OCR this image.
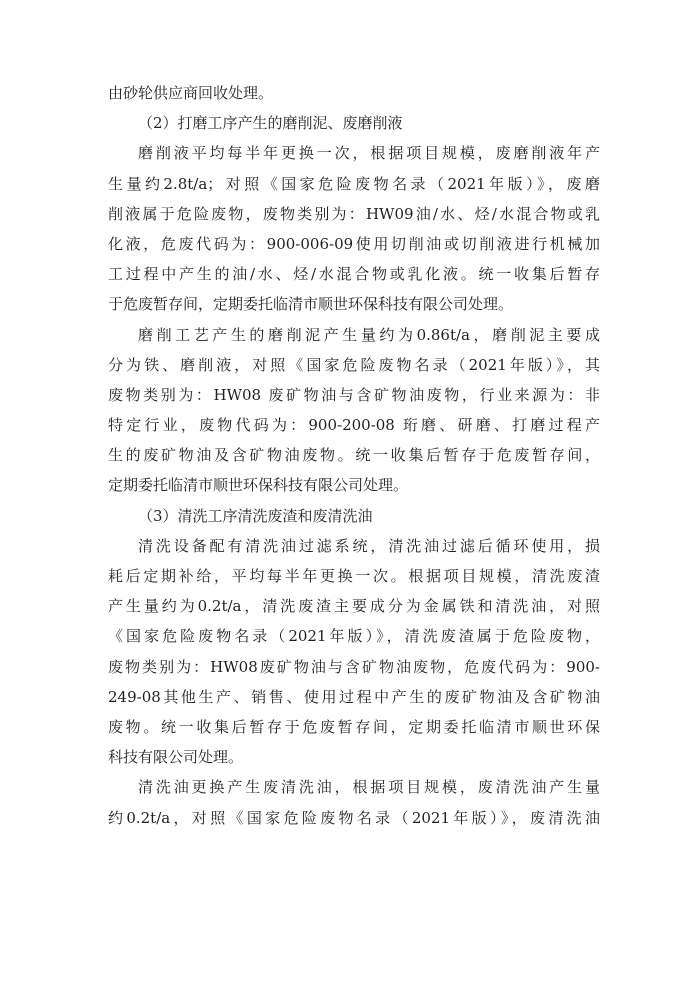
由砂轮供应商回收处理。
（2）打磨工序产生的磨削泥、废磨削液
磨削液平均每半年更换一次，根据项目规模，废磨削液年产
生量约2.8t/a；对照《国家危险废物名录（2021年版）》，废磨
削液属于危险废物，废物类别为：HW09油/水、烃/水混合物或乳
化液，危废代码为：900-006-09使用切削油或切削液进行机械加
工过程中产生的油/水、烃/水混合物或乳化液。统一收集后暂存
于危废暂存间，定期委托临清市顺世环保科技有限公司处理。
磨削工艺产生的磨削泥产生量约为0.86t/a，磨削泥主要成
分为铁、磨削液，对照《国家危险废物名录（2021年版）》，其
废物类别为：HW08 废矿物油与含矿物油废物，行业来源为：非
特定行业，废物代码为：900-200-08 珩磨、研磨、打磨过程产
生的废矿物油及含矿物油废物。统一收集后暂存于危废暂存间，
定期委托临清市顺世环保科技有限公司处理。
（3）清洗工序清洗废渣和废清洗油
清洗设备配有清洗油过滤系统，清洗油过滤后循环使用，损
耗后定期补给，平均每半年更换一次。根据项目规模，清洗废渣
产生量约为0.2t/a，清洗废渣主要成分为金属铁和清洗油，对照
《国家危险废物名录（2021年版）》，清洗废渣属于危险废物，
废物类别为：HW08废矿物油与含矿物油废物，危废代码为：900-
249-08其他生产、销售、使用过程中产生的废矿物油及含矿物油
废物。统一收集后暂存于危废暂存间，定期委托临清市顺世环保
科技有限公司处理。
清洗油更换产生废清洗油，根据项目规模，废清洗油产生量
约0.2t/a，对照《国家危险废物名录（2021年版）》，废清洗油
